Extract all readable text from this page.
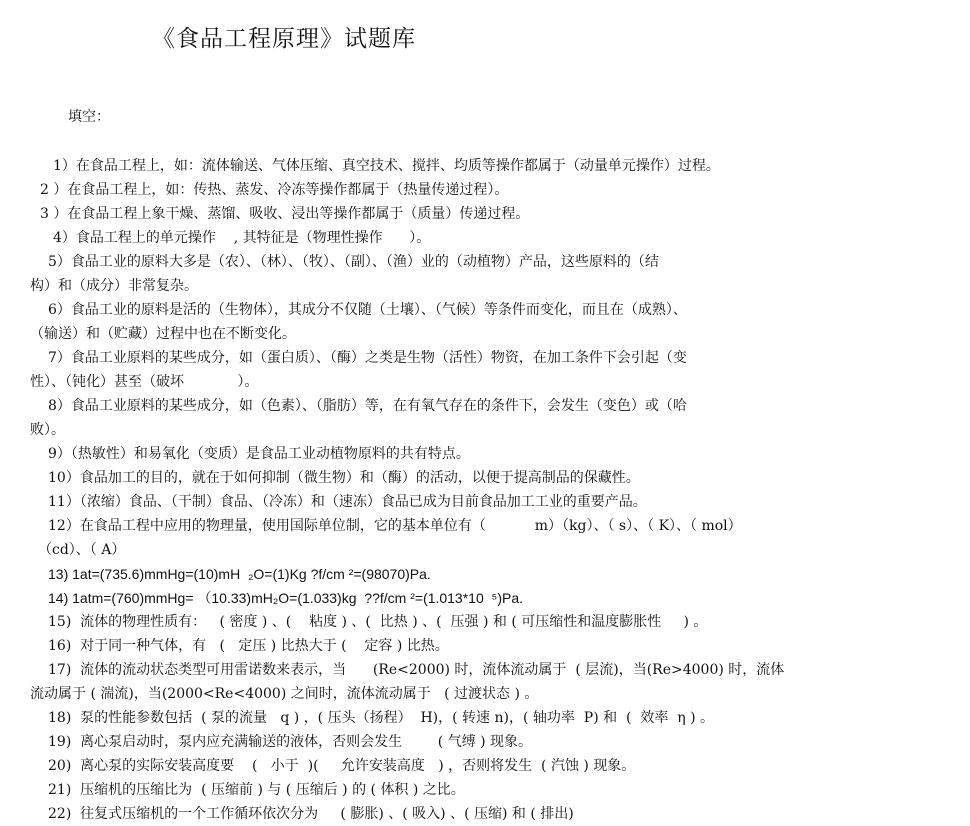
《食品工程原理》试题库
填空：
1）在食品工程上，如：流体输送、气体压缩、真空技术、搅拌、均质等操作都属于（动量单元操作）过程。
2 ）在食品工程上，如：传热、蒸发、冷冻等操作都属于（热量传递过程）。
3 ）在食品工程上象干燥、蒸馏、吸收、浸出等操作都属于（质量）传递过程。
4）食品工程上的单元操作    , 其特征是（物理性操作      ）。
5）食品工业的原料大多是（农）、（林）、（牧）、（副）、（渔）业的（动植物）产品，这些原料的（结
构）和（成分）非常复杂。
6）食品工业的原料是活的（生物体），其成分不仅随（土壤）、（气候）等条件而变化，而且在（成熟）、
（输送）和（贮藏）过程中也在不断变化。
7）食品工业原料的某些成分，如（蛋白质）、（酶）之类是生物（活性）物资，在加工条件下会引起（变
性）、（钝化）甚至（破坏            ）。
8）食品工业原料的某些成分，如（色素）、（脂肪）等，在有氧气存在的条件下，会发生（变色）或（哈
败）。
9）（热敏性）和易氧化（变质）是食品工业动植物原料的共有特点。
10）食品加工的目的，就在于如何抑制（微生物）和（酶）的活动，以便于提高制品的保藏性。
11）（浓缩）食品、（干制）食品、（冷冻）和（速冻）食品已成为目前食品加工工业的重要产品。
12）在食品工程中应用的物理量，使用国际单位制，它的基本单位有（           m）（kg）、（ s）、（ K）、（ mol）
（cd）、（ A）
13) 1at=(735.6)mmHg=(10)mH  ₂O=(1)Kg ?f/cm ²=(98070)Pa.
14) 1atm=(760)mmHg= （10.33)mH₂O=(1.033)kg  ??f/cm ²=(1.013*10  ⁵)Pa.
15)  流体的物理性质有：   ( 密度 ) 、(    粘度 ) 、(  比热 ) 、(  压强 ) 和 ( 可压缩性和温度膨胀性     ) 。
16)  对于同一种气体，有   (   定压 ) 比热大于 (    定容 ) 比热。
17)  流体的流动状态类型可用雷诺数来表示，当      (Re<2000) 时，流体流动属于  ( 层流)，当(Re>4000) 时，流体
流动属于 ( 湍流)，当(2000<Re<4000) 之间时，流体流动属于   ( 过渡状态 ) 。
18)  泵的性能参数包括  ( 泵的流量   q ) ，( 压头（扬程）  H)，( 转速 n)，( 轴功率  P) 和  (  效率  η ) 。
19)  离心泵启动时，泵内应充满输送的液体，否则会发生        ( 气缚 ) 现象。
20)  离心泵的实际安装高度要    (   小于  )(     允许安装高度   ) ，否则将发生  ( 汽蚀 ) 现象。
21)  压缩机的压缩比为  ( 压缩前 ) 与 ( 压缩后 ) 的 ( 体积 ) 之比。
22)  往复式压缩机的一个工作循环依次分为     ( 膨胀) 、( 吸入) 、( 压缩) 和 ( 排出)
